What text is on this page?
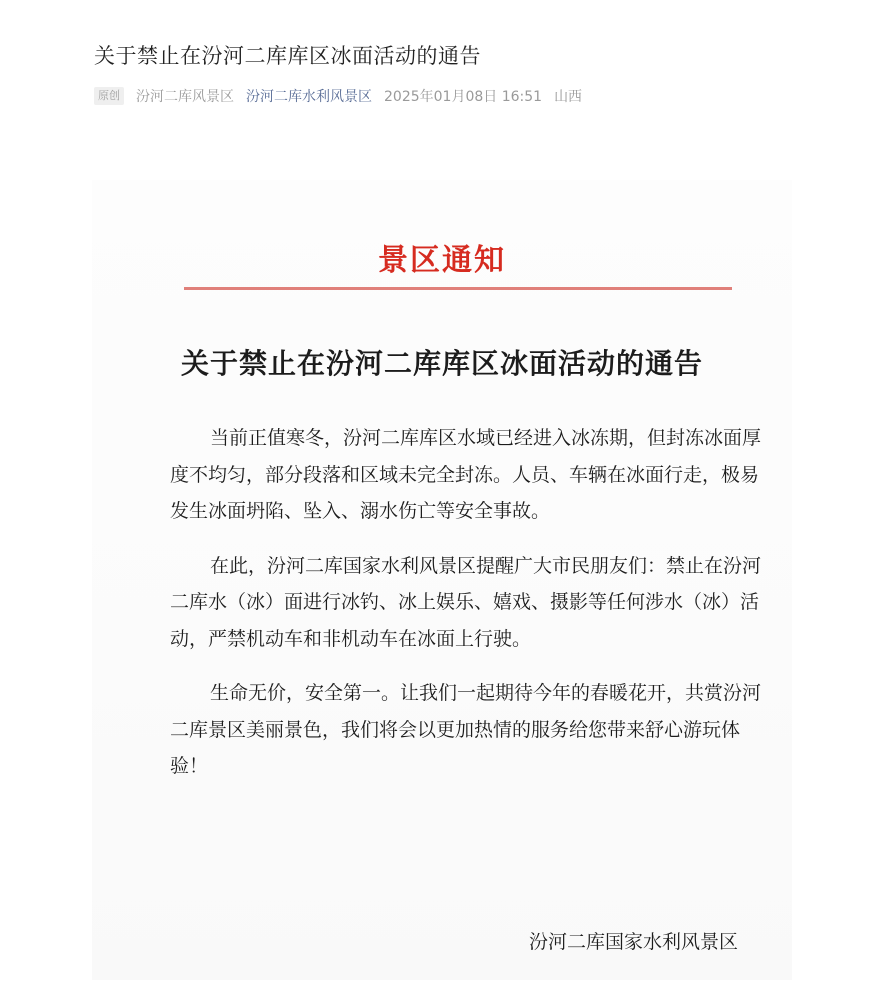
关于禁止在汾河二库库区冰面活动的通告
原创 汾河二库风景区 汾河二库水利风景区 2025年01月08日 16:51 山西
景区通知
关于禁止在汾河二库库区冰面活动的通告

当前正值寒冬，汾河二库库区水域已经进入冰冻期，但封冻冰面厚度不均匀，部分段落和区域未完全封冻。人员、车辆在冰面行走，极易发生冰面坍陷、坠入、溺水伤亡等安全事故。

在此，汾河二库国家水利风景区提醒广大市民朋友们：禁止在汾河二库水（冰）面进行冰钓、冰上娱乐、嬉戏、摄影等任何涉水（冰）活动，严禁机动车和非机动车在冰面上行驶。

生命无价，安全第一。让我们一起期待今年的春暖花开，共赏汾河二库景区美丽景色，我们将会以更加热情的服务给您带来舒心游玩体验！

汾河二库国家水利风景区
